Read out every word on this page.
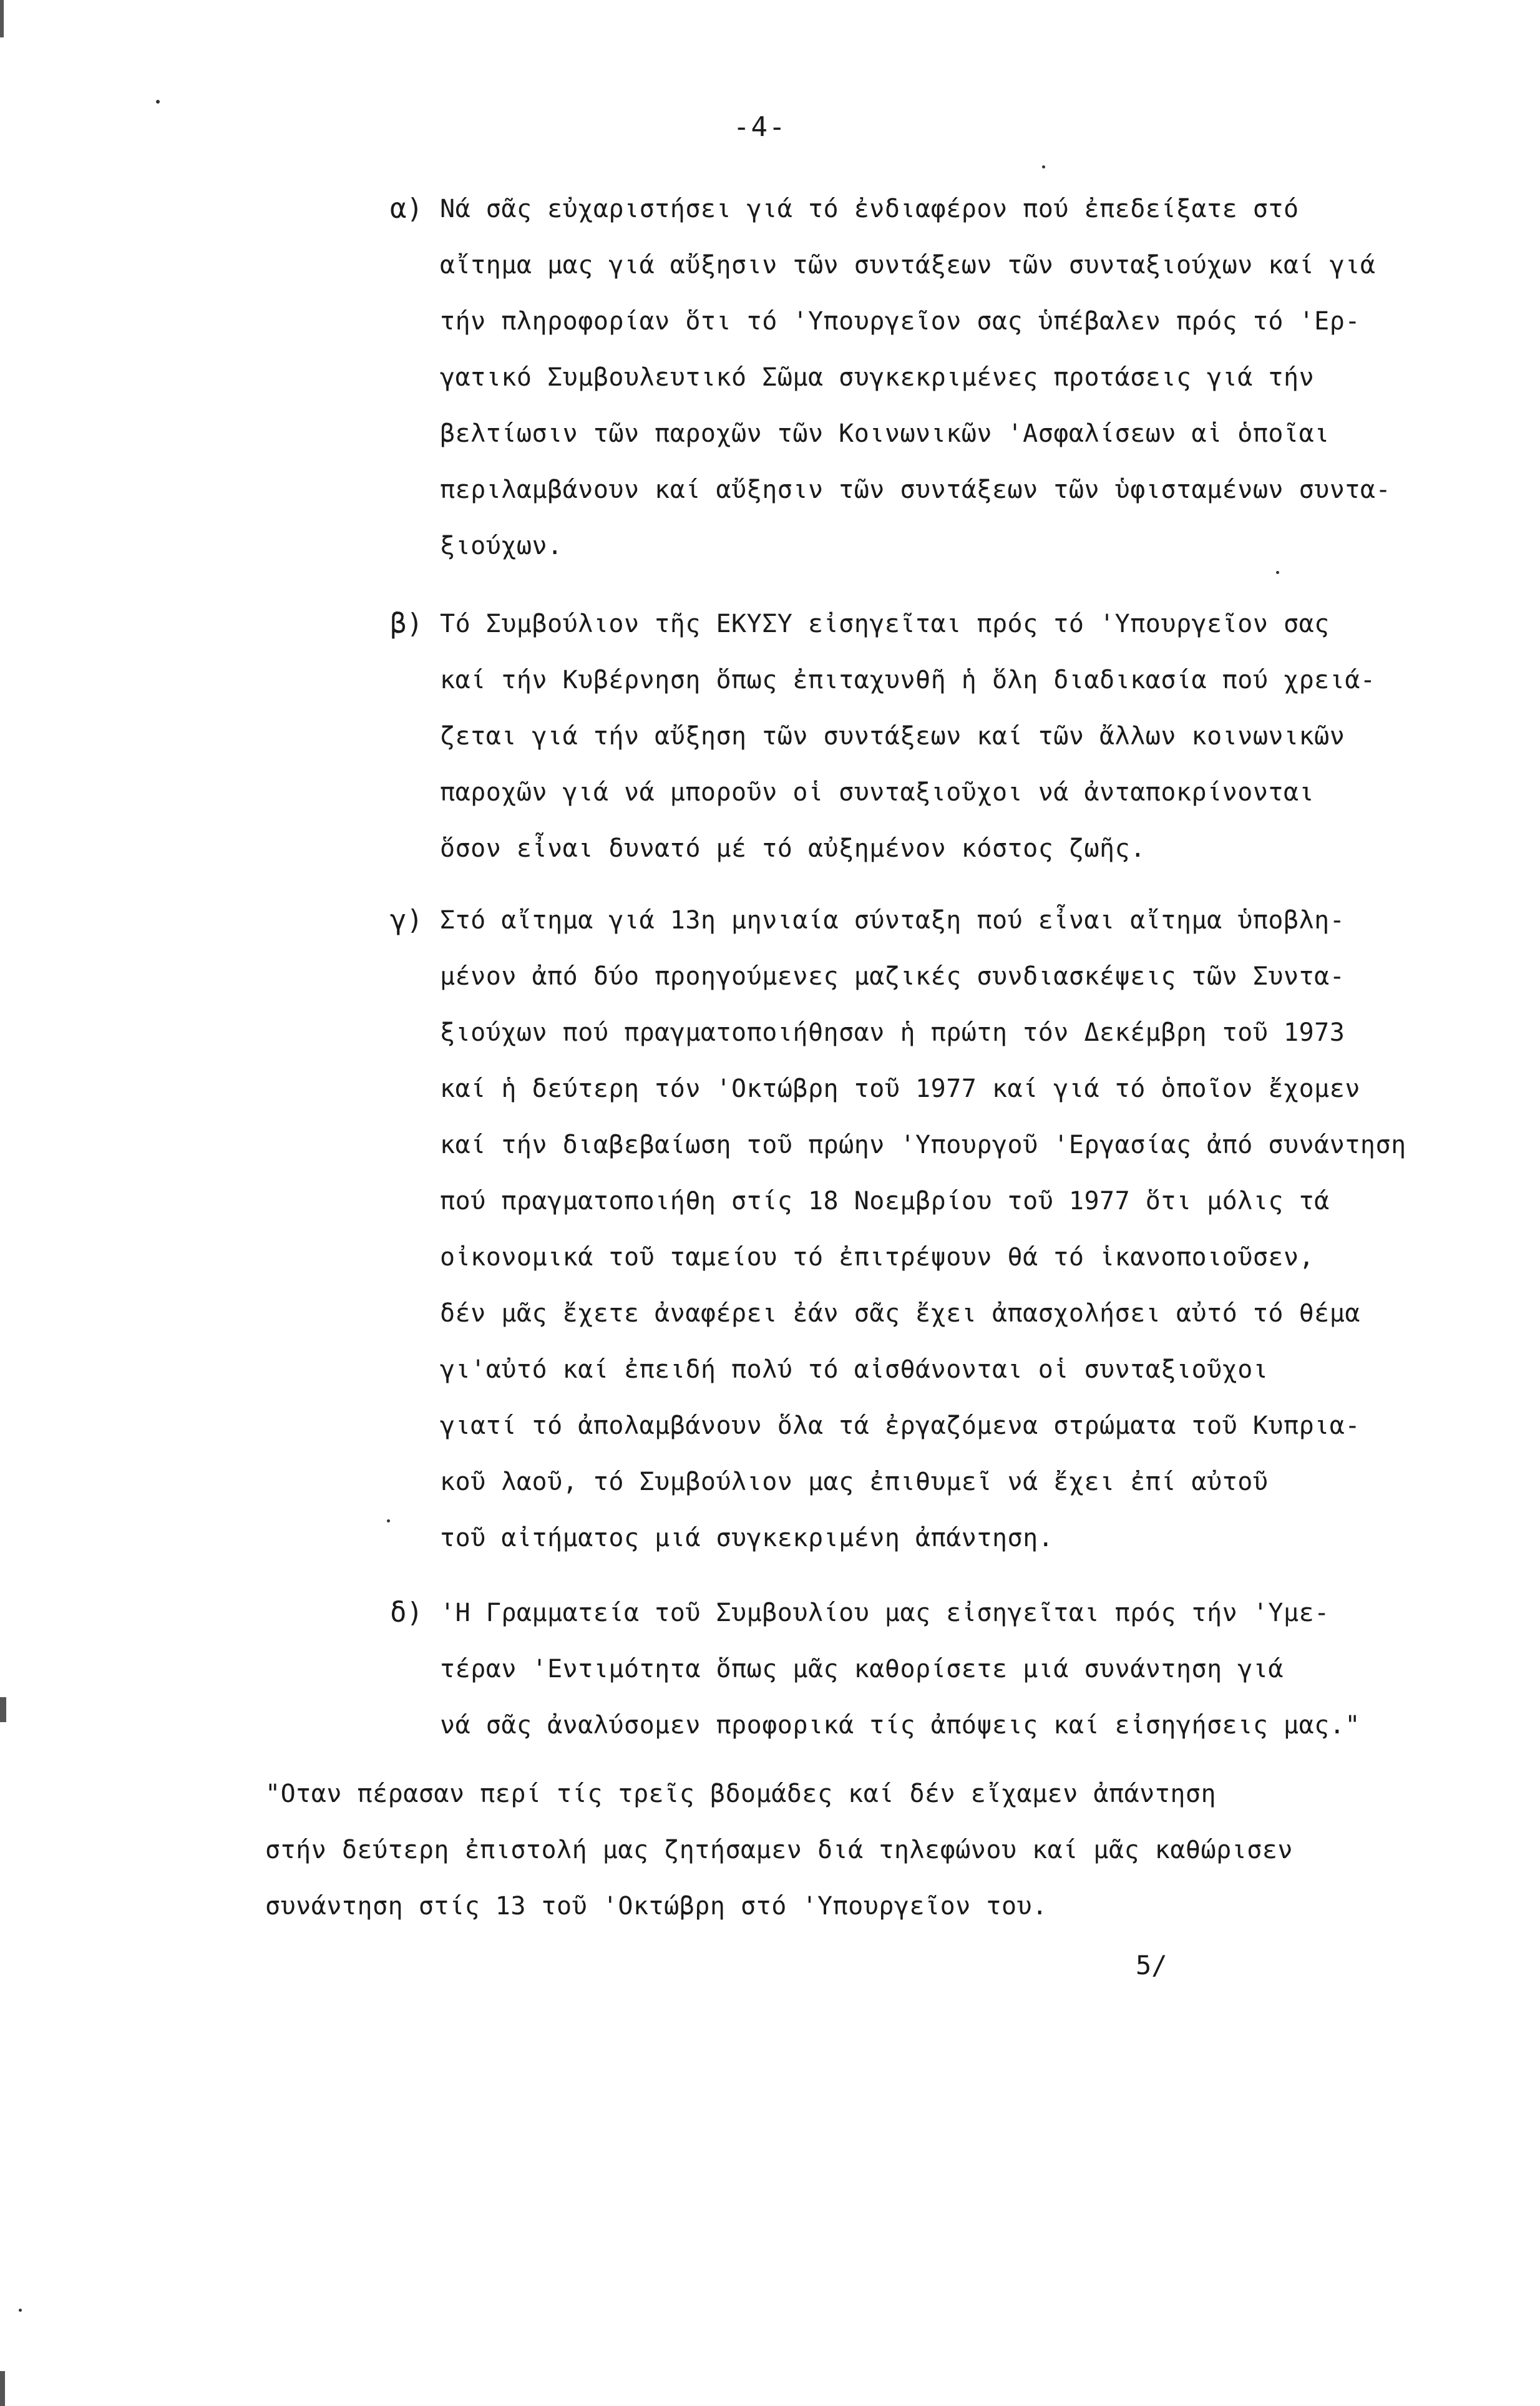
-4-
α) Νά σᾶς εὐχαριστήσει γιά τό ἐνδιαφέρον πού ἐπεδείξατε στό
αἴτημα μας γιά αὔξησιν τῶν συντάξεων τῶν συνταξιούχων καί γιά
τήν πληροφορίαν ὅτι τό 'Υπουργεῖον σας ὑπέβαλεν πρός τό 'Ερ-
γατικό Συμβουλευτικό Σῶμα συγκεκριμένες προτάσεις γιά τήν
βελτίωσιν τῶν παροχῶν τῶν Κοινωνικῶν 'Ασφαλίσεων αἱ ὁποῖαι
περιλαμβάνουν καί αὔξησιν τῶν συντάξεων τῶν ὑφισταμένων συντα-
ξιούχων.
β) Τό Συμβούλιον τῆς ΕΚΥΣΥ εἰσηγεῖται πρός τό 'Υπουργεῖον σας
καί τήν Κυβέρνηση ὅπως ἐπιταχυνθῆ ἡ ὅλη διαδικασία πού χρειά-
ζεται γιά τήν αὔξηση τῶν συντάξεων καί τῶν ἄλλων κοινωνικῶν
παροχῶν γιά νά μποροῦν οἱ συνταξιοῦχοι νά ἀνταποκρίνονται
ὅσον εἶναι δυνατό μέ τό αὐξημένον κόστος ζωῆς.
γ) Στό αἴτημα γιά 13η μηνιαία σύνταξη πού εἶναι αἴτημα ὑποβλη-
μένον ἀπό δύο προηγούμενες μαζικές συνδιασκέψεις τῶν Συντα-
ξιούχων πού πραγματοποιήθησαν ἡ πρώτη τόν Δεκέμβρη τοῦ 1973
καί ἡ δεύτερη τόν 'Οκτώβρη τοῦ 1977 καί γιά τό ὁποῖον ἔχομεν
καί τήν διαβεβαίωση τοῦ πρώην 'Υπουργοῦ 'Εργασίας ἀπό συνάντηση
πού πραγματοποιήθη στίς 18 Νοεμβρίου τοῦ 1977 ὅτι μόλις τά
οἰκονομικά τοῦ ταμείου τό ἐπιτρέψουν θά τό ἱκανοποιοῦσεν,
δέν μᾶς ἔχετε ἀναφέρει ἐάν σᾶς ἔχει ἀπασχολήσει αὐτό τό θέμα
γι'αὐτό καί ἐπειδή πολύ τό αἰσθάνονται οἱ συνταξιοῦχοι
γιατί τό ἀπολαμβάνουν ὅλα τά ἐργαζόμενα στρώματα τοῦ Κυπρια-
κοῦ λαοῦ, τό Συμβούλιον μας ἐπιθυμεῖ νά ἔχει ἐπί αὐτοῦ
τοῦ αἰτήματος μιά συγκεκριμένη ἀπάντηση.
δ) 'Η Γραμματεία τοῦ Συμβουλίου μας εἰσηγεῖται πρός τήν 'Υμε-
τέραν 'Εντιμότητα ὅπως μᾶς καθορίσετε μιά συνάντηση γιά
νά σᾶς ἀναλύσομεν προφορικά τίς ἀπόψεις καί εἰσηγήσεις μας."
"Οταν πέρασαν περί τίς τρεῖς βδομάδες καί δέν εἴχαμεν ἀπάντηση
στήν δεύτερη ἐπιστολή μας ζητήσαμεν διά τηλεφώνου καί μᾶς καθώρισεν
συνάντηση στίς 13 τοῦ 'Οκτώβρη στό 'Υπουργεῖον του.
5/
